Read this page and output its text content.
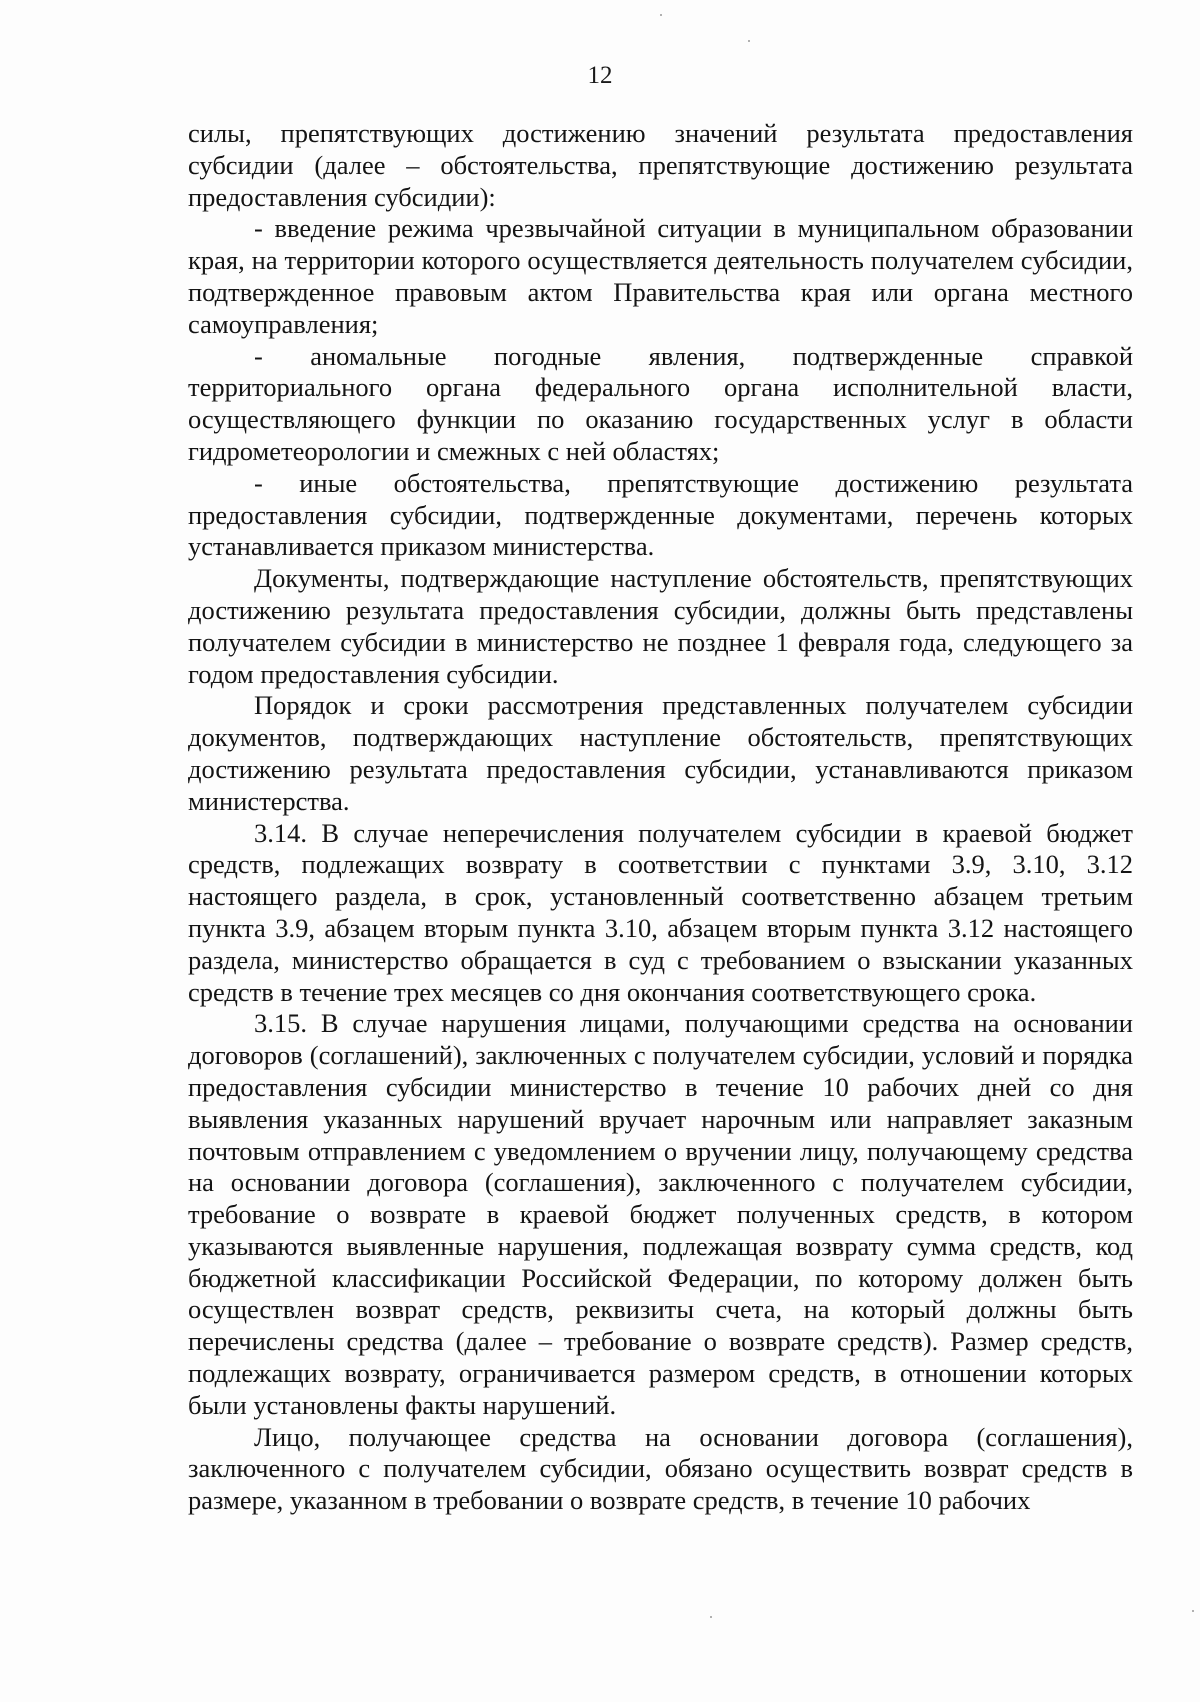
12

силы, препятствующих достижению значений результата предоставления субсидии (далее – обстоятельства, препятствующие достижению результата предоставления субсидии):

- введение режима чрезвычайной ситуации в муниципальном образовании края, на территории которого осуществляется деятельность получателем субсидии, подтвержденное правовым актом Правительства края или органа местного самоуправления;

- аномальные погодные явления, подтвержденные справкой территориального органа федерального органа исполнительной власти, осуществляющего функции по оказанию государственных услуг в области гидрометеорологии и смежных с ней областях;

- иные обстоятельства, препятствующие достижению результата предоставления субсидии, подтвержденные документами, перечень которых устанавливается приказом министерства.

Документы, подтверждающие наступление обстоятельств, препятствующих достижению результата предоставления субсидии, должны быть представлены получателем субсидии в министерство не позднее 1 февраля года, следующего за годом предоставления субсидии.

Порядок и сроки рассмотрения представленных получателем субсидии документов, подтверждающих наступление обстоятельств, препятствующих достижению результата предоставления субсидии, устанавливаются приказом министерства.

3.14. В случае неперечисления получателем субсидии в краевой бюджет средств, подлежащих возврату в соответствии с пунктами 3.9, 3.10, 3.12 настоящего раздела, в срок, установленный соответственно абзацем третьим пункта 3.9, абзацем вторым пункта 3.10, абзацем вторым пункта 3.12 настоящего раздела, министерство обращается в суд с требованием о взыскании указанных средств в течение трех месяцев со дня окончания соответствующего срока.

3.15. В случае нарушения лицами, получающими средства на основании договоров (соглашений), заключенных с получателем субсидии, условий и порядка предоставления субсидии министерство в течение 10 рабочих дней со дня выявления указанных нарушений вручает нарочным или направляет заказным почтовым отправлением с уведомлением о вручении лицу, получающему средства на основании договора (соглашения), заключенного с получателем субсидии, требование о возврате в краевой бюджет полученных средств, в котором указываются выявленные нарушения, подлежащая возврату сумма средств, код бюджетной классификации Российской Федерации, по которому должен быть осуществлен возврат средств, реквизиты счета, на который должны быть перечислены средства (далее – требование о возврате средств). Размер средств, подлежащих возврату, ограничивается размером средств, в отношении которых были установлены факты нарушений.

Лицо, получающее средства на основании договора (соглашения), заключенного с получателем субсидии, обязано осуществить возврат средств в размере, указанном в требовании о возврате средств, в течение 10 рабочих
